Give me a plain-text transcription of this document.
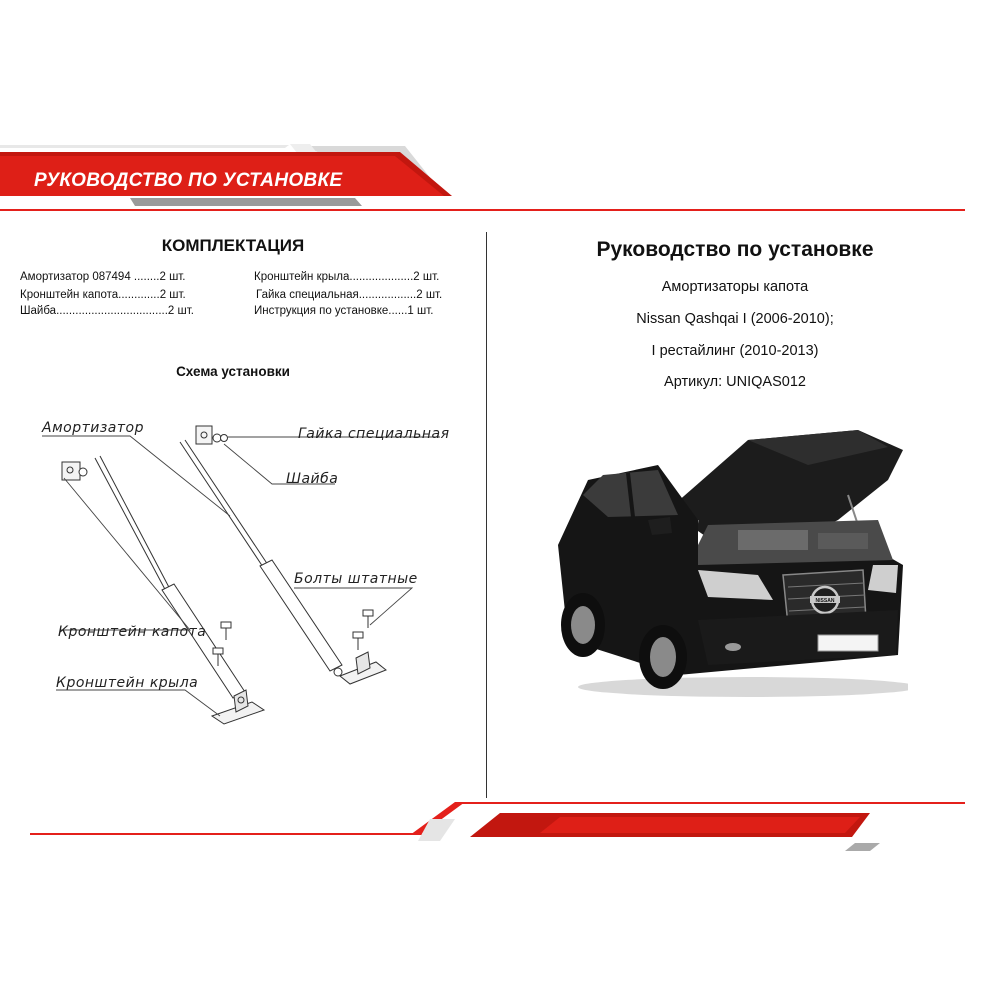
РУКОВОДСТВО ПО УСТАНОВКЕ
КОМПЛЕКТАЦИЯ
Амортизатор 087494 ........2 шт.
Кронштейн капота.............2 шт.
Шайба...................................2 шт.
Кронштейн крыла....................2 шт.
Гайка специальная..................2 шт.
Инструкция по установке......1 шт.
Схема установки
Амортизатор	Гайка специальная
Шайба
Болты штатные
Кронштейн капота
Кронштейн крыла
Руководство по установке
Амортизаторы капота
Nissan Qashqai I (2006-2010);
I рестайлинг (2010-2013)
Артикул: UNIQAS012
NISSAN
